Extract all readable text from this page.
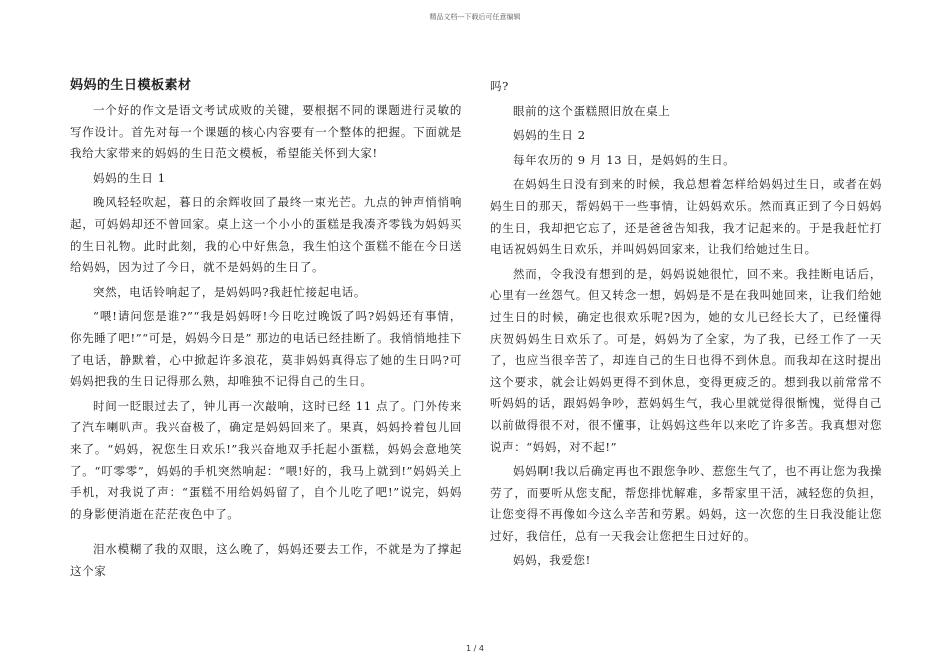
精品文档---下载后可任意编辑
妈妈的生日模板素材

一个好的作文是语文考试成败的关键，要根据不同的课题进行灵敏的写作设计。首先对每一个课题的核心内容要有一个整体的把握。下面就是我给大家带来的妈妈的生日范文模板，希望能关怀到大家!

妈妈的生日 1

晚风轻轻吹起，暮日的余辉收回了最终一束光芒。九点的钟声悄悄响起，可妈妈却还不曾回家。桌上这一个小小的蛋糕是我凑齐零钱为妈妈买的生日礼物。此时此刻，我的心中好焦急，我生怕这个蛋糕不能在今日送给妈妈，因为过了今日，就不是妈妈的生日了。

突然，电话铃响起了，是妈妈吗?我赶忙接起电话。

“喂!请问您是谁?”“我是妈妈呀!今日吃过晚饭了吗?妈妈还有事情，你先睡了吧!”“可是，妈妈今日是” 那边的电话已经挂断了。我悄悄地挂下了电话，静默着，心中掀起许多浪花，莫非妈妈真得忘了她的生日吗?可妈妈把我的生日记得那么熟，却唯独不记得自己的生日。

时间一眨眼过去了，钟儿再一次敲响，这时已经 11 点了。门外传来了汽车喇叭声。我兴奋极了，确定是妈妈回来了。果真，妈妈拎着包儿回来了。“妈妈，祝您生日欢乐!”我兴奋地双手托起小蛋糕，妈妈会意地笑了。“叮零零”，妈妈的手机突然响起：“喂!好的，我马上就到!”妈妈关上手机，对我说了声：“蛋糕不用给妈妈留了，自个儿吃了吧!”说完，妈妈的身影便消逝在茫茫夜色中了。

泪水模糊了我的双眼，这么晚了，妈妈还要去工作，不就是为了撑起这个家

吗?

眼前的这个蛋糕照旧放在桌上

妈妈的生日 2

每年农历的 9 月 13 日，是妈妈的生日。

在妈妈生日没有到来的时候，我总想着怎样给妈妈过生日，或者在妈妈生日的那天，帮妈妈干一些事情，让妈妈欢乐。然而真正到了今日妈妈的生日，我却把它忘了，还是爸爸告知我，我才记起来的。于是我赶忙打电话祝妈妈生日欢乐，并叫妈妈回家来，让我们给她过生日。

然而，令我没有想到的是，妈妈说她很忙，回不来。我挂断电话后，心里有一丝怨气。但又转念一想，妈妈是不是在我叫她回来，让我们给她过生日的时候，确定也很欢乐呢?因为，她的女儿已经长大了，已经懂得庆贺妈妈生日欢乐了。可是，妈妈为了全家，为了我，已经工作了一天了，也应当很辛苦了，却连自己的生日也得不到休息。而我却在这时提出这个要求，就会让妈妈更得不到休息，变得更疲乏的。想到我以前常常不听妈妈的话，跟妈妈争吵，惹妈妈生气，我心里就觉得很惭愧，觉得自己以前做得很不对，很不懂事，让妈妈这些年以来吃了许多苦。我真想对您说声：“妈妈，对不起!”

妈妈啊!我以后确定再也不跟您争吵、惹您生气了，也不再让您为我操劳了，而要听从您支配，帮您排忧解难，多帮家里干活，减轻您的负担，让您变得不再像如今这么辛苦和劳累。妈妈，这一次您的生日我没能让您过好，我信任，总有一天我会让您把生日过好的。

妈妈，我爱您!

1 / 4
